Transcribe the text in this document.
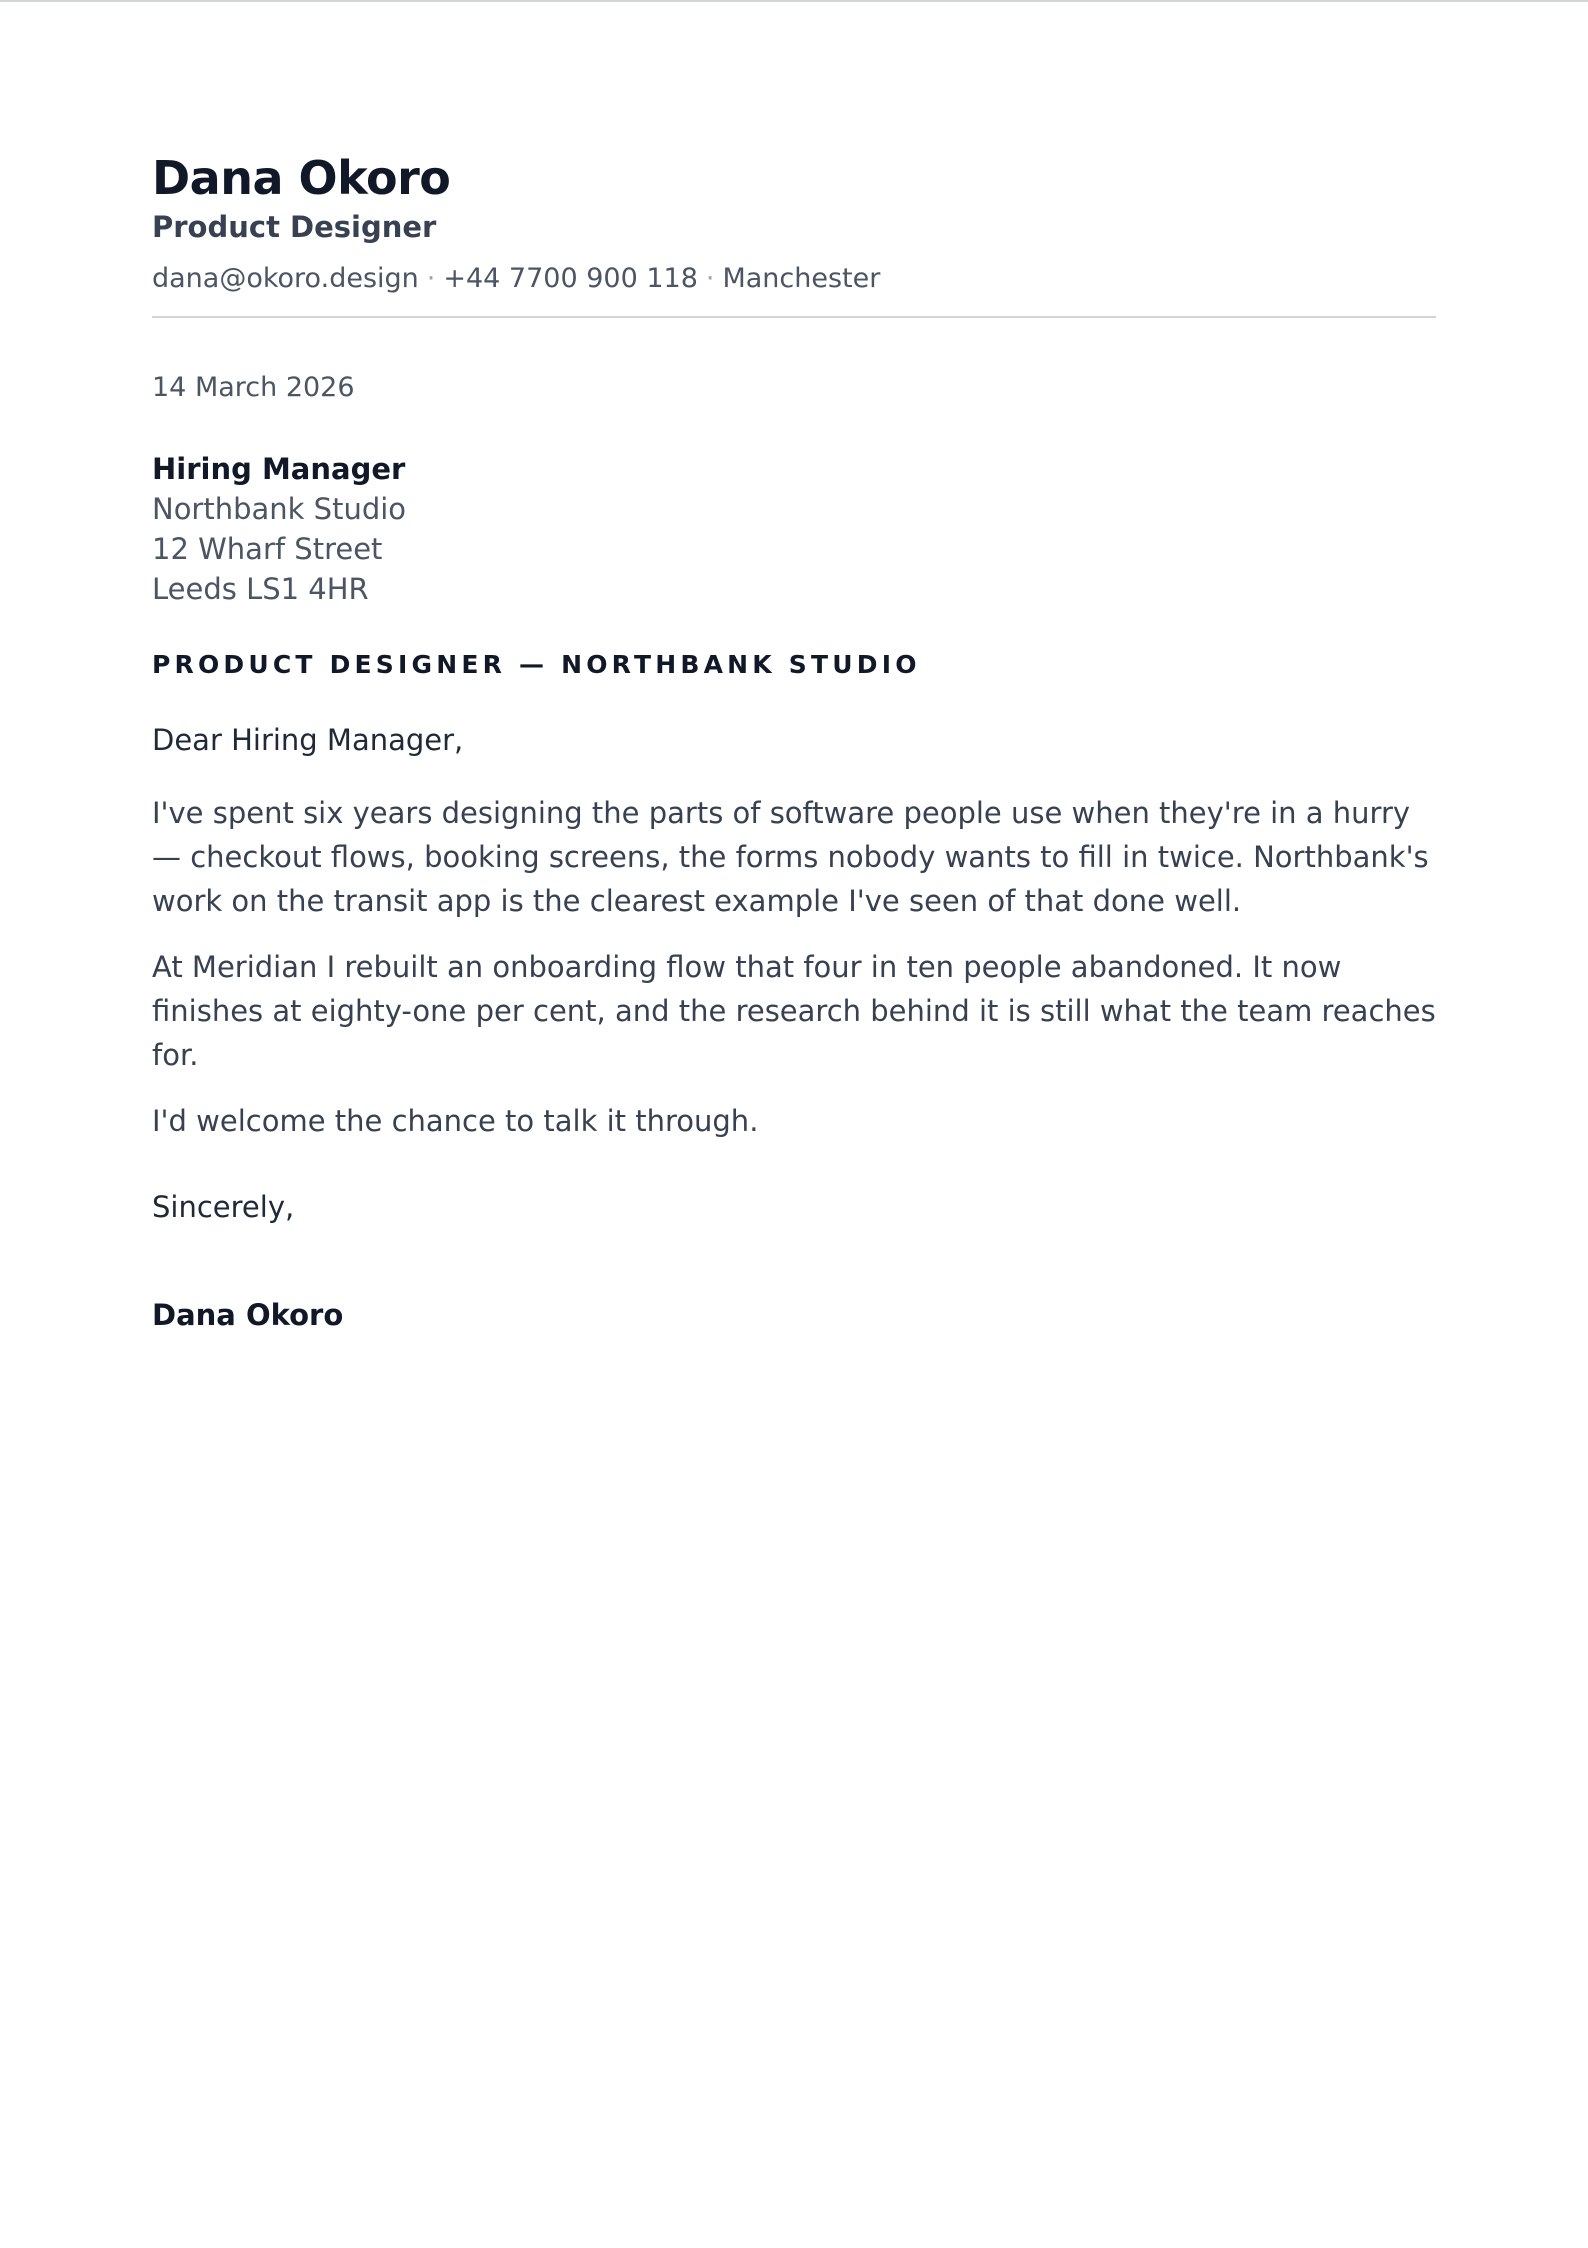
Dana Okoro
Product Designer
dana@okoro.design · +44 7700 900 118 · Manchester
14 March 2026
Hiring Manager
Northbank Studio
12 Wharf Street
Leeds LS1 4HR
PRODUCT DESIGNER — NORTHBANK STUDIO
Dear Hiring Manager,

I've spent six years designing the parts of software people use when they're in a hurry — checkout flows, booking screens, the forms nobody wants to fill in twice. Northbank's work on the transit app is the clearest example I've seen of that done well.

At Meridian I rebuilt an onboarding flow that four in ten people abandoned. It now finishes at eighty-one per cent, and the research behind it is still what the team reaches for.

I'd welcome the chance to talk it through.

Sincerely,
Dana Okoro
